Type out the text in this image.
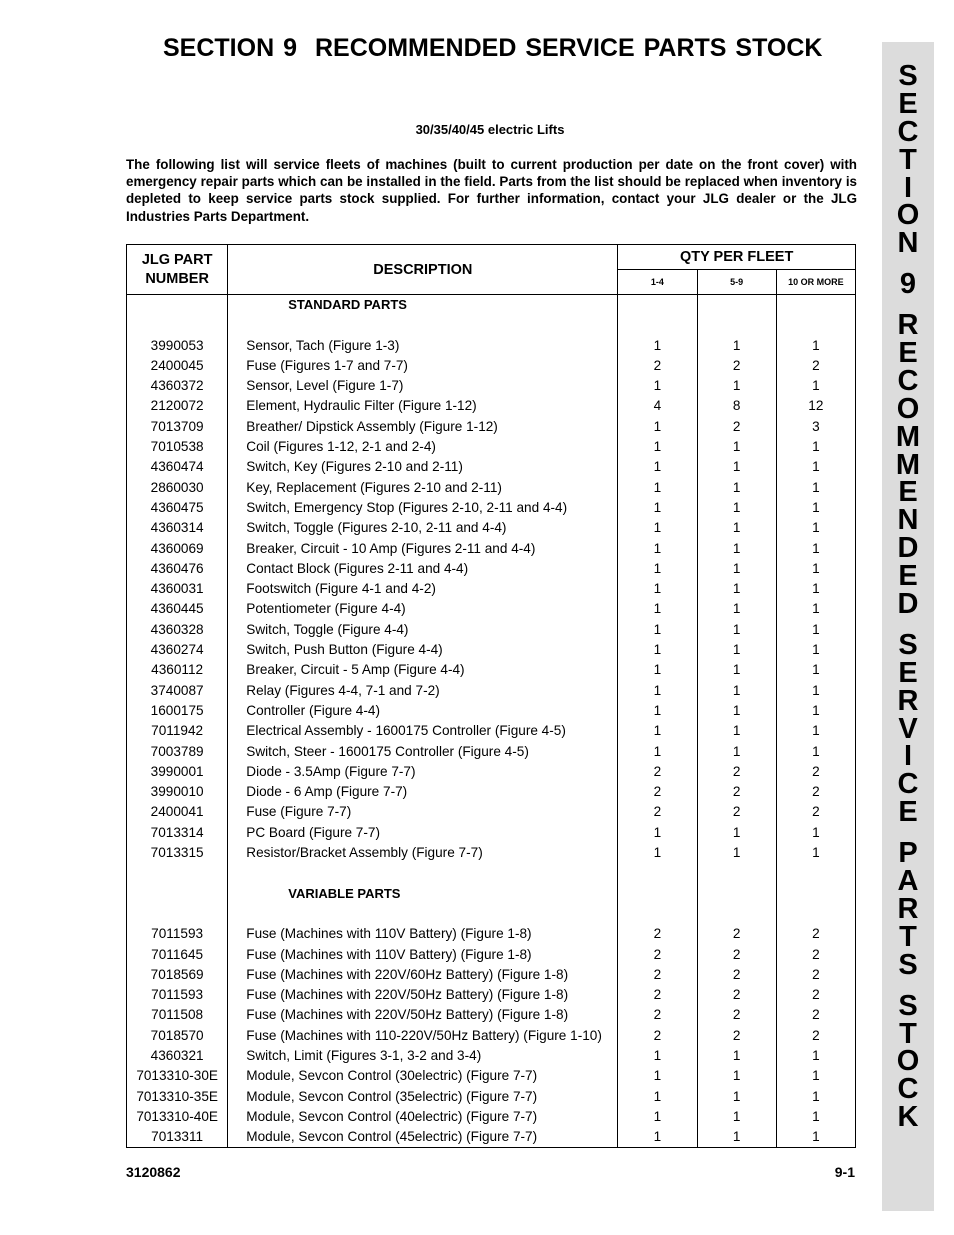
SECTION 9 RECOMMENDED SERVICE PARTS STOCK
S
E
C
T
I
O
N
9
R
E
C
O
M
M
E
N
D
E
D
S
E
R
V
I
C
E
P
A
R
T
S
S
T
O
C
K
30/35/40/45 electric Lifts
The following list will service fleets of machines (built to current production per date on the front cover) with emergency repair parts which can be installed in the field. Parts from the list should be replaced when inventory is depleted to keep service parts stock supplied. For further information, contact your JLG dealer or the JLG Industries Parts Department.
JLG PART NUMBER	DESCRIPTION	QTY PER FLEET		
		1-4	5-9	10 OR MORE
	STANDARD PARTS			

3990053	Sensor, Tach (Figure 1-3)	1	1	1
2400045	Fuse (Figures 1-7 and 7-7)	2	2	2
4360372	Sensor, Level (Figure 1-7)	1	1	1
2120072	Element, Hydraulic Filter (Figure 1-12)	4	8	12
7013709	Breather/ Dipstick Assembly (Figure 1-12)	1	2	3
7010538	Coil (Figures 1-12, 2-1 and 2-4)	1	1	1
4360474	Switch, Key (Figures 2-10 and 2-11)	1	1	1
2860030	Key, Replacement (Figures 2-10 and 2-11)	1	1	1
4360475	Switch, Emergency Stop (Figures 2-10, 2-11 and 4-4)	1	1	1
4360314	Switch, Toggle (Figures 2-10, 2-11 and 4-4)	1	1	1
4360069	Breaker, Circuit - 10 Amp (Figures 2-11 and 4-4)	1	1	1
4360476	Contact Block (Figures 2-11 and 4-4)	1	1	1
4360031	Footswitch (Figure 4-1 and 4-2)	1	1	1
4360445	Potentiometer (Figure 4-4)	1	1	1
4360328	Switch, Toggle (Figure 4-4)	1	1	1
4360274	Switch, Push Button (Figure 4-4)	1	1	1
4360112	Breaker, Circuit - 5 Amp (Figure 4-4)	1	1	1
3740087	Relay (Figures 4-4, 7-1 and 7-2)	1	1	1
1600175	Controller (Figure 4-4)	1	1	1
7011942	Electrical Assembly - 1600175 Controller (Figure 4-5)	1	1	1
7003789	Switch, Steer - 1600175 Controller (Figure 4-5)	1	1	1
3990001	Diode - 3.5Amp (Figure 7-7)	2	2	2
3990010	Diode - 6 Amp (Figure 7-7)	2	2	2
2400041	Fuse (Figure 7-7)	2	2	2
7013314	PC Board (Figure 7-7)	1	1	1
7013315	Resistor/Bracket Assembly (Figure 7-7)	1	1	1

	VARIABLE PARTS			

7011593	Fuse (Machines with 110V Battery) (Figure 1-8)	2	2	2
7011645	Fuse (Machines with 110V Battery) (Figure 1-8)	2	2	2
7018569	Fuse (Machines with 220V/60Hz Battery) (Figure 1-8)	2	2	2
7011593	Fuse (Machines with 220V/50Hz Battery) (Figure 1-8)	2	2	2
7011508	Fuse (Machines with 220V/50Hz Battery) (Figure 1-8)	2	2	2
7018570	Fuse (Machines with 110-220V/50Hz Battery) (Figure 1-10)	2	2	2
4360321	Switch, Limit (Figures 3-1, 3-2 and 3-4)	1	1	1
7013310-30E	Module, Sevcon Control (30electric) (Figure 7-7)	1	1	1
7013310-35E	Module, Sevcon Control (35electric) (Figure 7-7)	1	1	1
7013310-40E	Module, Sevcon Control (40electric) (Figure 7-7)	1	1	1
7013311	Module, Sevcon Control (45electric) (Figure 7-7)	1	1	1
3120862	9-1
